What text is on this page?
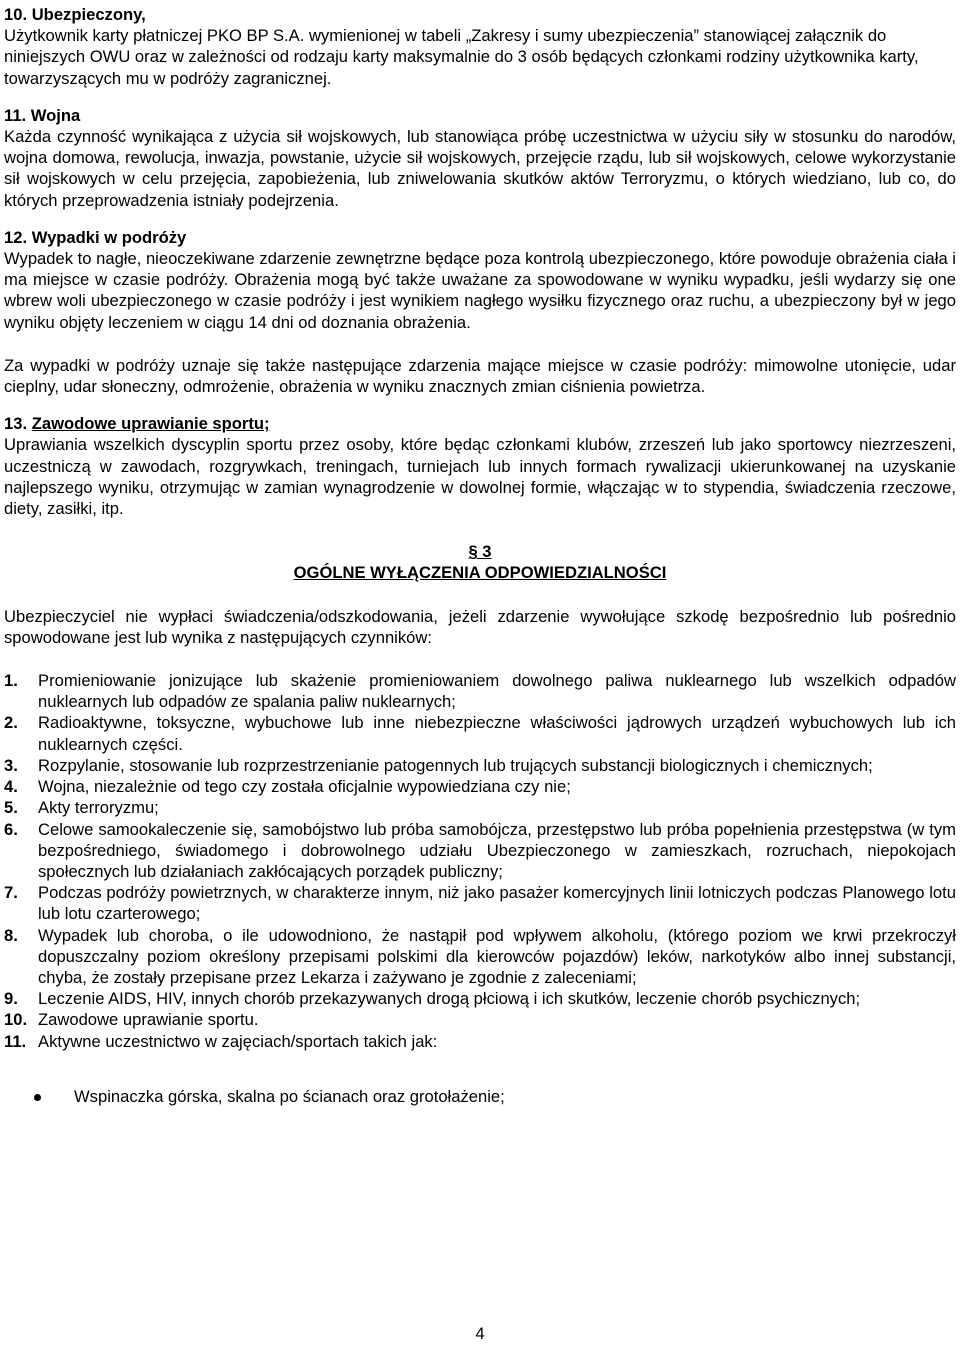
10. Ubezpieczony,

Użytkownik karty płatniczej PKO BP S.A. wymienionej w tabeli „Zakresy i sumy ubezpieczenia” stanowiącej załącznik do niniejszych OWU oraz w zależności od rodzaju karty maksymalnie do 3 osób będących członkami rodziny użytkownika karty, towarzyszących mu w podróży zagranicznej.

11. Wojna

Każda czynność wynikająca z użycia sił wojskowych, lub stanowiąca próbę uczestnictwa w użyciu siły w stosunku do narodów, wojna domowa, rewolucja, inwazja, powstanie, użycie sił wojskowych, przejęcie rządu, lub sił wojskowych, celowe wykorzystanie sił wojskowych w celu przejęcia, zapobieżenia, lub zniwelowania skutków aktów Terroryzmu, o których wiedziano, lub co, do których przeprowadzenia istniały podejrzenia.

12. Wypadki w podróży

Wypadek to nagłe, nieoczekiwane zdarzenie zewnętrzne będące poza kontrolą ubezpieczonego, które powoduje obrażenia ciała i ma miejsce w czasie podróży. Obrażenia mogą być także uważane za spowodowane w wyniku wypadku, jeśli wydarzy się one wbrew woli ubezpieczonego w czasie podróży i jest wynikiem nagłego wysiłku fizycznego oraz ruchu, a ubezpieczony był w jego wyniku objęty leczeniem w ciągu 14 dni od doznania obrażenia.

Za wypadki w podróży uznaje się także następujące zdarzenia mające miejsce w czasie podróży: mimowolne utonięcie, udar cieplny, udar słoneczny, odmrożenie, obrażenia w wyniku znacznych zmian ciśnienia powietrza.

13. Zawodowe uprawianie sportu;

Uprawiania wszelkich dyscyplin sportu przez osoby, które będąc członkami klubów, zrzeszeń lub jako sportowcy niezrzeszeni, uczestniczą w zawodach, rozgrywkach, treningach, turniejach lub innych formach rywalizacji ukierunkowanej na uzyskanie najlepszego wyniku, otrzymując w zamian wynagrodzenie w dowolnej formie, włączając w to stypendia, świadczenia rzeczowe, diety, zasiłki, itp.

§ 3

OGÓLNE WYŁĄCZENIA ODPOWIEDZIALNOŚCI

Ubezpieczyciel nie wypłaci świadczenia/odszkodowania, jeżeli zdarzenie wywołujące szkodę bezpośrednio lub pośrednio spowodowane jest lub wynika z następujących czynników:

1. Promieniowanie jonizujące lub skażenie promieniowaniem dowolnego paliwa nuklearnego lub wszelkich odpadów nuklearnych lub odpadów ze spalania paliw nuklearnych;
2. Radioaktywne, toksyczne, wybuchowe lub inne niebezpieczne właściwości jądrowych urządzeń wybuchowych lub ich nuklearnych części.
3. Rozpylanie, stosowanie lub rozprzestrzenianie patogennych lub trujących substancji biologicznych i chemicznych;
4. Wojna, niezależnie od tego czy została oficjalnie wypowiedziana czy nie;
5. Akty terroryzmu;
6. Celowe samookaleczenie się, samobójstwo lub próba samobójcza, przestępstwo lub próba popełnienia przestępstwa (w tym bezpośredniego, świadomego i dobrowolnego udziału Ubezpieczonego w zamieszkach, rozruchach, niepokojach społecznych lub działaniach zakłócających porządek publiczny;
7. Podczas podróży powietrznych, w charakterze innym, niż jako pasażer komercyjnych linii lotniczych podczas Planowego lotu lub lotu czarterowego;
8. Wypadek lub choroba, o ile udowodniono, że nastąpił pod wpływem alkoholu, (którego poziom we krwi przekroczył dopuszczalny poziom określony przepisami polskimi dla kierowców pojazdów) leków, narkotyków albo innej substancji, chyba, że zostały przepisane przez Lekarza i zażywano je zgodnie z zaleceniami;
9. Leczenie AIDS, HIV, innych chorób przekazywanych drogą płciową i ich skutków, leczenie chorób psychicznych;
10. Zawodowe uprawianie sportu.
11. Aktywne uczestnictwo w zajęciach/sportach takich jak:
Wspinaczka górska, skalna po ścianach oraz grotołażenie;
4
